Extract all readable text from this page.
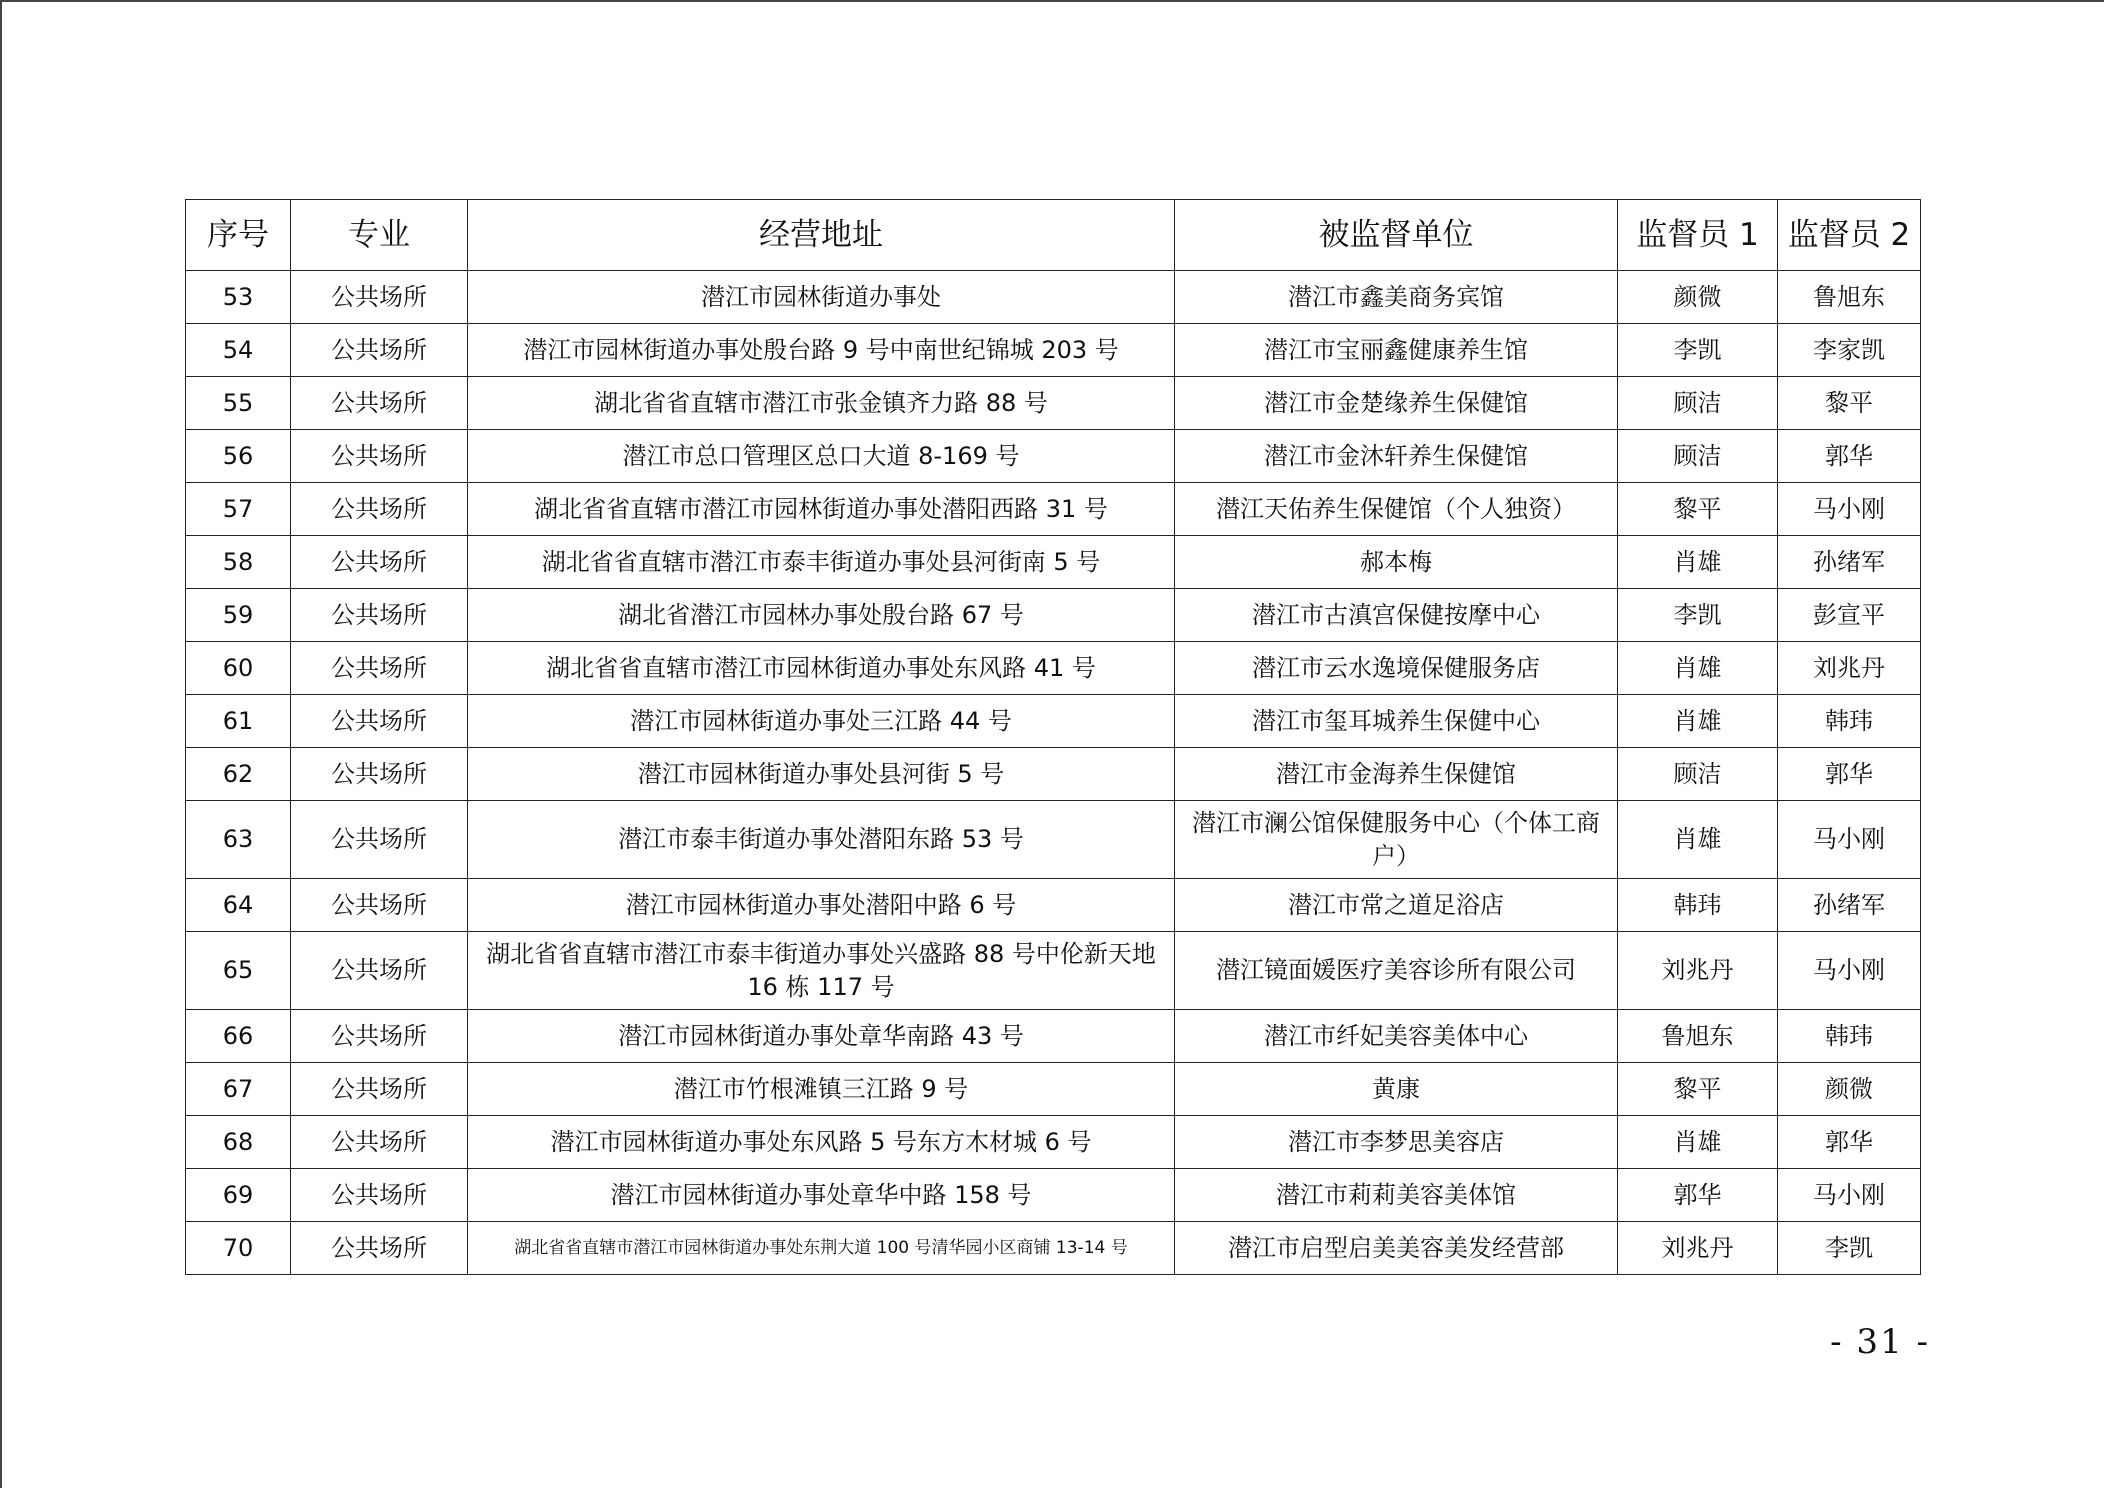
序号	专业	经营地址	被监督单位	监督员 1	监督员 2
53	公共场所	潜江市园林街道办事处	潜江市鑫美商务宾馆	颜微	鲁旭东
54	公共场所	潜江市园林街道办事处殷台路 9 号中南世纪锦城 203 号	潜江市宝丽鑫健康养生馆	李凯	李家凯
55	公共场所	湖北省省直辖市潜江市张金镇齐力路 88 号	潜江市金楚缘养生保健馆	顾洁	黎平
56	公共场所	潜江市总口管理区总口大道 8-169 号	潜江市金沐轩养生保健馆	顾洁	郭华
57	公共场所	湖北省省直辖市潜江市园林街道办事处潜阳西路 31 号	潜江天佑养生保健馆（个人独资）	黎平	马小刚
58	公共场所	湖北省省直辖市潜江市泰丰街道办事处县河街南 5 号	郝本梅	肖雄	孙绪军
59	公共场所	湖北省潜江市园林办事处殷台路 67 号	潜江市古滇宫保健按摩中心	李凯	彭宣平
60	公共场所	湖北省省直辖市潜江市园林街道办事处东风路 41 号	潜江市云水逸境保健服务店	肖雄	刘兆丹
61	公共场所	潜江市园林街道办事处三江路 44 号	潜江市玺耳城养生保健中心	肖雄	韩玮
62	公共场所	潜江市园林街道办事处县河街 5 号	潜江市金海养生保健馆	顾洁	郭华
63	公共场所	潜江市泰丰街道办事处潜阳东路 53 号	潜江市澜公馆保健服务中心（个体工商户）	肖雄	马小刚
64	公共场所	潜江市园林街道办事处潜阳中路 6 号	潜江市常之道足浴店	韩玮	孙绪军
65	公共场所	湖北省省直辖市潜江市泰丰街道办事处兴盛路 88 号中伦新天地 16 栋 117 号	潜江镜面媛医疗美容诊所有限公司	刘兆丹	马小刚
66	公共场所	潜江市园林街道办事处章华南路 43 号	潜江市纤妃美容美体中心	鲁旭东	韩玮
67	公共场所	潜江市竹根滩镇三江路 9 号	黄康	黎平	颜微
68	公共场所	潜江市园林街道办事处东风路 5 号东方木材城 6 号	潜江市李梦思美容店	肖雄	郭华
69	公共场所	潜江市园林街道办事处章华中路 158 号	潜江市莉莉美容美体馆	郭华	马小刚
70	公共场所	湖北省省直辖市潜江市园林街道办事处东荆大道 100 号清华园小区商铺 13-14 号	潜江市启型启美美容美发经营部	刘兆丹	李凯
- 31 -
